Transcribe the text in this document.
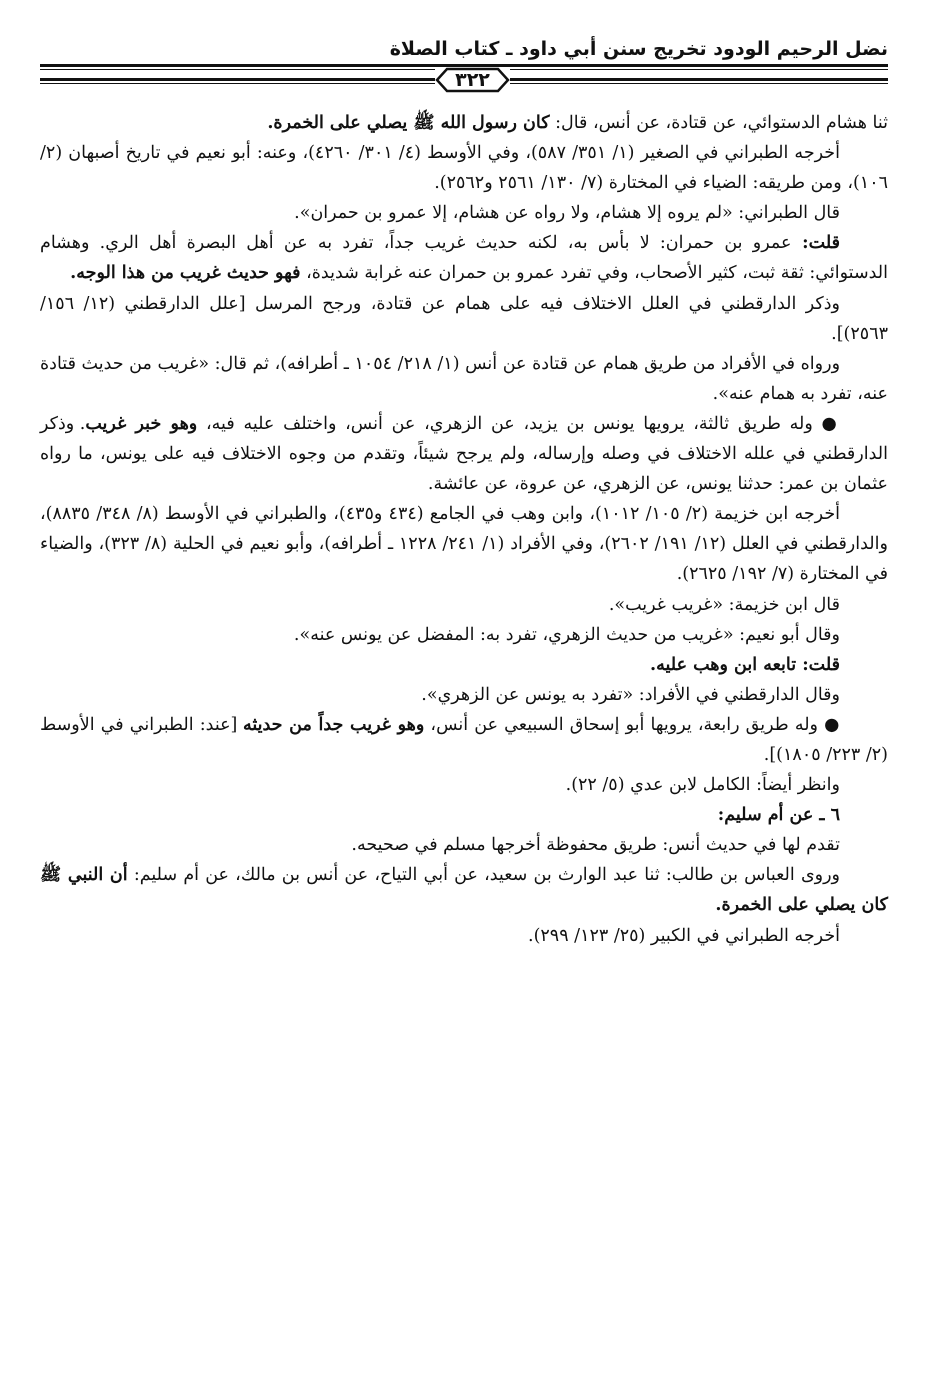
نضل الرحيم الودود تخريج سنن أبي داود ـ كتاب الصلاة
٣٢٢

ثنا هشام الدستوائي، عن قتادة، عن أنس، قال: كان رسول الله ﷺ يصلي على الخمرة.

أخرجه الطبراني في الصغير (١/ ٣٥١/ ٥٨٧)، وفي الأوسط (٤/ ٣٠١/ ٤٢٦٠)، وعنه: أبو نعيم في تاريخ أصبهان (٢/ ١٠٦)، ومن طريقه: الضياء في المختارة (٧/ ١٣٠/ ٢٥٦١ و٢٥٦٢).

قال الطبراني: «لم يروه إلا هشام، ولا رواه عن هشام، إلا عمرو بن حمران».

قلت: عمرو بن حمران: لا بأس به، لكنه حديث غريب جداً، تفرد به عن أهل البصرة أهل الري. وهشام الدستوائي: ثقة ثبت، كثير الأصحاب، وفي تفرد عمرو بن حمران عنه غرابة شديدة، فهو حديث غريب من هذا الوجه.

وذكر الدارقطني في العلل الاختلاف فيه على همام عن قتادة، ورجح المرسل [علل الدارقطني (١٢/ ١٥٦/ ٢٥٦٣)].

ورواه في الأفراد من طريق همام عن قتادة عن أنس (١/ ٢١٨/ ١٠٥٤ ـ أطرافه)، ثم قال: «غريب من حديث قتادة عنه، تفرد به همام عنه».

● وله طريق ثالثة، يرويها يونس بن يزيد، عن الزهري، عن أنس، واختلف عليه فيه، وهو خبر غريب. وذكر الدارقطني في علله الاختلاف في وصله وإرساله، ولم يرجح شيئاً، وتقدم من وجوه الاختلاف فيه على يونس، ما رواه عثمان بن عمر: حدثنا يونس، عن الزهري، عن عروة، عن عائشة.

أخرجه ابن خزيمة (٢/ ١٠٥/ ١٠١٢)، وابن وهب في الجامع (٤٣٤ و٤٣٥)، والطبراني في الأوسط (٨/ ٣٤٨/ ٨٨٣٥)، والدارقطني في العلل (١٢/ ١٩١/ ٢٦٠٢)، وفي الأفراد (١/ ٢٤١/ ١٢٢٨ ـ أطرافه)، وأبو نعيم في الحلية (٨/ ٣٢٣)، والضياء في المختارة (٧/ ١٩٢/ ٢٦٢٥).

قال ابن خزيمة: «غريب غريب».

وقال أبو نعيم: «غريب من حديث الزهري، تفرد به: المفضل عن يونس عنه».

قلت: تابعه ابن وهب عليه.

وقال الدارقطني في الأفراد: «تفرد به يونس عن الزهري».

● وله طريق رابعة، يرويها أبو إسحاق السبيعي عن أنس، وهو غريب جداً من حديثه [عند: الطبراني في الأوسط (٢/ ٢٢٣/ ١٨٠٥)].

وانظر أيضاً: الكامل لابن عدي (٥/ ٢٢).

٦ ـ عن أم سليم:

تقدم لها في حديث أنس: طريق محفوظة أخرجها مسلم في صحيحه.

وروى العباس بن طالب: ثنا عبد الوارث بن سعيد، عن أبي التياح، عن أنس بن مالك، عن أم سليم: أن النبي ﷺ كان يصلي على الخمرة.

أخرجه الطبراني في الكبير (٢٥/ ١٢٣/ ٢٩٩).
